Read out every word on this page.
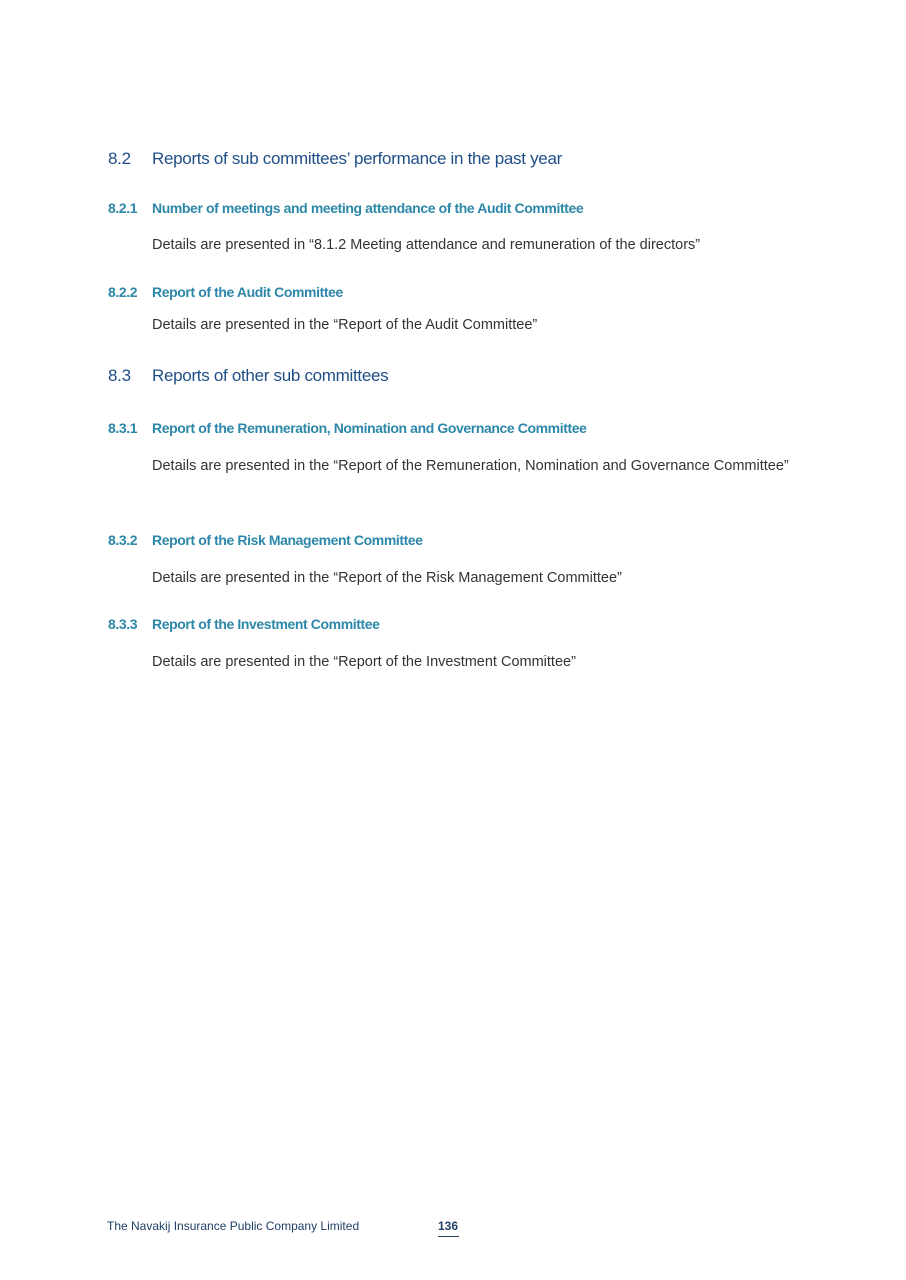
8.2 Reports of sub committees’ performance in the past year
8.2.1 Number of meetings and meeting attendance of the Audit Committee

Details are presented in “8.1.2 Meeting attendance and remuneration of the directors”

8.2.2 Report of the Audit Committee

Details are presented in the “Report of the Audit Committee”

8.3 Reports of other sub committees
8.3.1 Report of the Remuneration, Nomination and Governance Committee

Details are presented in the “Report of the Remuneration, Nomination and Governance Committee”

8.3.2 Report of the Risk Management Committee

Details are presented in the “Report of the Risk Management Committee”

8.3.3 Report of the Investment Committee

Details are presented in the “Report of the Investment Committee”

The Navakij Insurance Public Company Limited	136
